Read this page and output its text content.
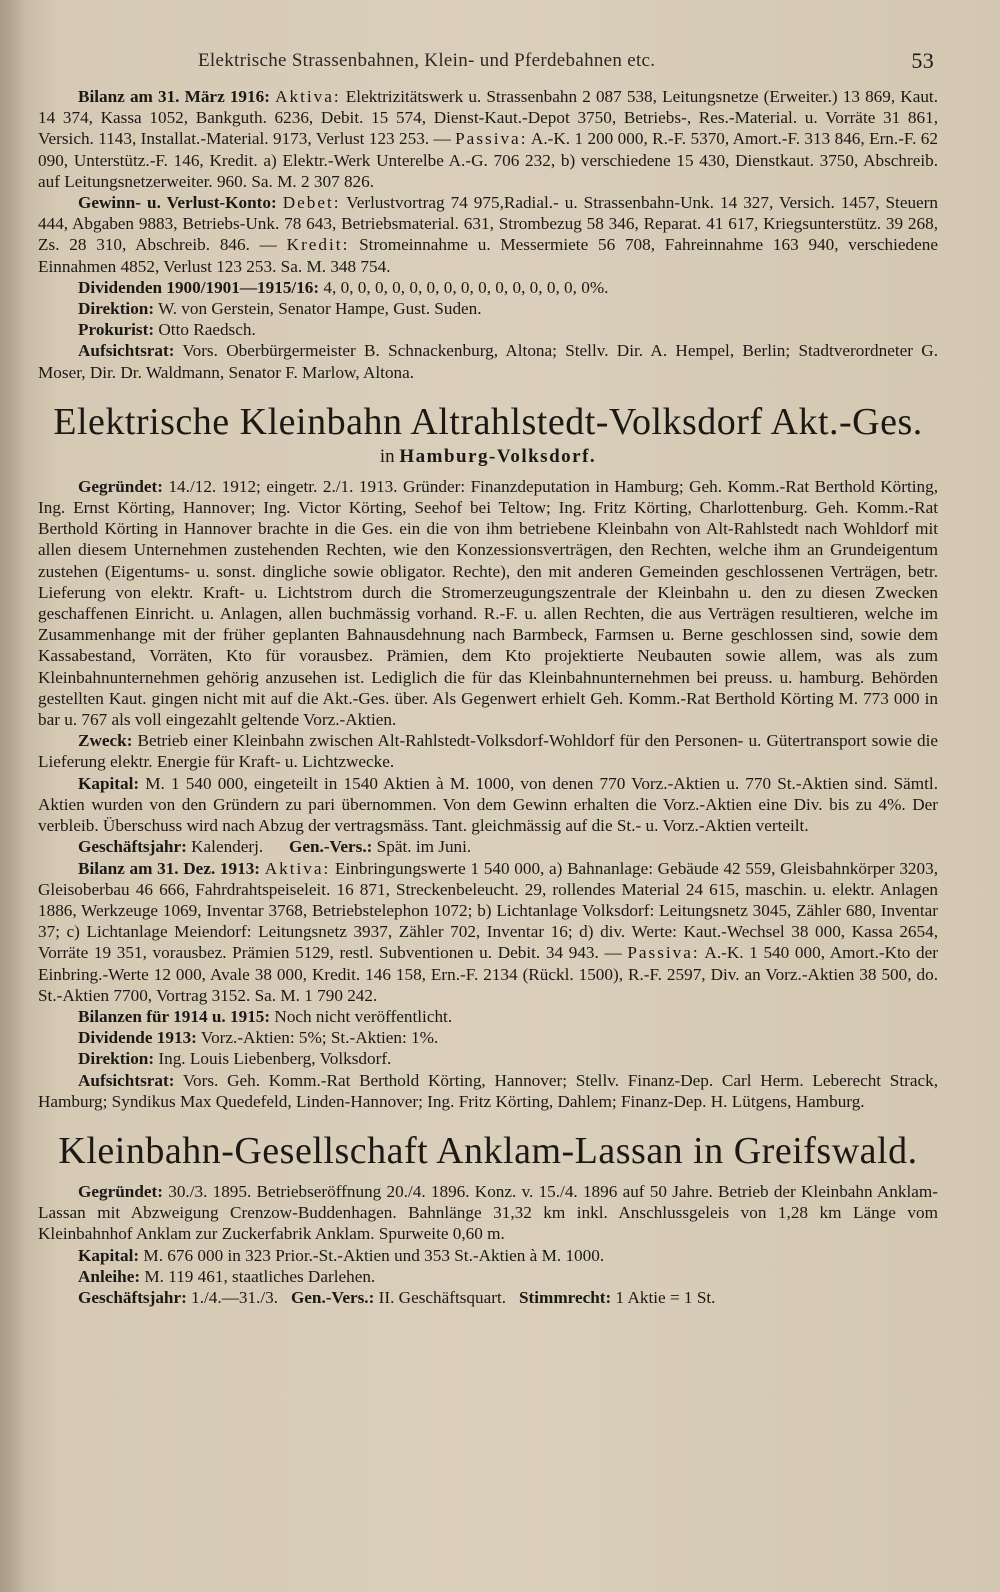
Elektrische Strassenbahnen, Klein- und Pferdebahnen etc.	53

Bilanz am 31. März 1916: Aktiva: Elektrizitätswerk u. Strassenbahn 2 087 538, Leitungsnetze (Erweiter.) 13 869, Kaut. 14 374, Kassa 1052, Bankguth. 6236, Debit. 15 574, Dienst-Kaut.-Depot 3750, Betriebs-, Res.-Material. u. Vorräte 31 861, Versich. 1143, Installat.-Material. 9173, Verlust 123 253. — Passiva: A.-K. 1 200 000, R.-F. 5370, Amort.-F. 313 846, Ern.-F. 62 090, Unterstütz.-F. 146, Kredit. a) Elektr.-Werk Unterelbe A.-G. 706 232, b) verschiedene 15 430, Dienstkaut. 3750, Abschreib. auf Leitungsnetzerweiter. 960. Sa. M. 2 307 826.

Gewinn- u. Verlust-Konto: Debet: Verlustvortrag 74 975,Radial.- u. Strassenbahn-Unk. 14 327, Versich. 1457, Steuern 444, Abgaben 9883, Betriebs-Unk. 78 643, Betriebsmaterial. 631, Strombezug 58 346, Reparat. 41 617, Kriegsunterstütz. 39 268, Zs. 28 310, Abschreib. 846. — Kredit: Stromeinnahme u. Messermiete 56 708, Fahreinnahme 163 940, verschiedene Einnahmen 4852, Verlust 123 253. Sa. M. 348 754.

Dividenden 1900/1901—1915/16: 4, 0, 0, 0, 0, 0, 0, 0, 0, 0, 0, 0, 0, 0, 0, 0%.

Direktion: W. von Gerstein, Senator Hampe, Gust. Suden.

Prokurist: Otto Raedsch.

Aufsichtsrat: Vors. Oberbürgermeister B. Schnackenburg, Altona; Stellv. Dir. A. Hempel, Berlin; Stadtverordneter G. Moser, Dir. Dr. Waldmann, Senator F. Marlow, Altona.

Elektrische Kleinbahn Altrahlstedt-Volksdorf Akt.-Ges.
in Hamburg-Volksdorf.

Gegründet: 14./12. 1912; eingetr. 2./1. 1913. Gründer: Finanzdeputation in Hamburg; Geh. Komm.-Rat Berthold Körting, Ing. Ernst Körting, Hannover; Ing. Victor Körting, Seehof bei Teltow; Ing. Fritz Körting, Charlottenburg. Geh. Komm.-Rat Berthold Körting in Hannover brachte in die Ges. ein die von ihm betriebene Kleinbahn von Alt-Rahlstedt nach Wohldorf mit allen diesem Unternehmen zustehenden Rechten, wie den Konzessionsverträgen, den Rechten, welche ihm an Grundeigentum zustehen (Eigentums- u. sonst. dingliche sowie obligator. Rechte), den mit anderen Gemeinden geschlossenen Verträgen, betr. Lieferung von elektr. Kraft- u. Lichtstrom durch die Stromerzeugungszentrale der Kleinbahn u. den zu diesen Zwecken geschaffenen Einricht. u. Anlagen, allen buchmässig vorhand. R.-F. u. allen Rechten, die aus Verträgen resultieren, welche im Zusammenhange mit der früher geplanten Bahnausdehnung nach Barmbeck, Farmsen u. Berne geschlossen sind, sowie dem Kassabestand, Vorräten, Kto für vorausbez. Prämien, dem Kto projektierte Neubauten sowie allem, was als zum Kleinbahnunternehmen gehörig anzusehen ist. Lediglich die für das Kleinbahnunternehmen bei preuss. u. hamburg. Behörden gestellten Kaut. gingen nicht mit auf die Akt.-Ges. über. Als Gegenwert erhielt Geh. Komm.-Rat Berthold Körting M. 773 000 in bar u. 767 als voll eingezahlt geltende Vorz.-Aktien.

Zweck: Betrieb einer Kleinbahn zwischen Alt-Rahlstedt-Volksdorf-Wohldorf für den Personen- u. Gütertransport sowie die Lieferung elektr. Energie für Kraft- u. Lichtzwecke.

Kapital: M. 1 540 000, eingeteilt in 1540 Aktien à M. 1000, von denen 770 Vorz.-Aktien u. 770 St.-Aktien sind. Sämtl. Aktien wurden von den Gründern zu pari übernommen. Von dem Gewinn erhalten die Vorz.-Aktien eine Div. bis zu 4%. Der verbleib. Überschuss wird nach Abzug der vertragsmäss. Tant. gleichmässig auf die St.- u. Vorz.-Aktien verteilt.

Geschäftsjahr: Kalenderj. Gen.-Vers.: Spät. im Juni.

Bilanz am 31. Dez. 1913: Aktiva: Einbringungswerte 1 540 000, a) Bahnanlage: Gebäude 42 559, Gleisbahnkörper 3203, Gleisoberbau 46 666, Fahrdrahtspeiseleit. 16 871, Streckenbeleucht. 29, rollendes Material 24 615, maschin. u. elektr. Anlagen 1886, Werkzeuge 1069, Inventar 3768, Betriebstelephon 1072; b) Lichtanlage Volksdorf: Leitungsnetz 3045, Zähler 680, Inventar 37; c) Lichtanlage Meiendorf: Leitungsnetz 3937, Zähler 702, Inventar 16; d) div. Werte: Kaut.-Wechsel 38 000, Kassa 2654, Vorräte 19 351, vorausbez. Prämien 5129, restl. Subventionen u. Debit. 34 943. — Passiva: A.-K. 1 540 000, Amort.-Kto der Einbring.-Werte 12 000, Avale 38 000, Kredit. 146 158, Ern.-F. 2134 (Rückl. 1500), R.-F. 2597, Div. an Vorz.-Aktien 38 500, do. St.-Aktien 7700, Vortrag 3152. Sa. M. 1 790 242.

Bilanzen für 1914 u. 1915: Noch nicht veröffentlicht.

Dividende 1913: Vorz.-Aktien: 5%; St.-Aktien: 1%.

Direktion: Ing. Louis Liebenberg, Volksdorf.

Aufsichtsrat: Vors. Geh. Komm.-Rat Berthold Körting, Hannover; Stellv. Finanz-Dep. Carl Herm. Leberecht Strack, Hamburg; Syndikus Max Quedefeld, Linden-Hannover; Ing. Fritz Körting, Dahlem; Finanz-Dep. H. Lütgens, Hamburg.

Kleinbahn-Gesellschaft Anklam-Lassan in Greifswald.

Gegründet: 30./3. 1895. Betriebseröffnung 20./4. 1896. Konz. v. 15./4. 1896 auf 50 Jahre. Betrieb der Kleinbahn Anklam-Lassan mit Abzweigung Crenzow-Buddenhagen. Bahnlänge 31,32 km inkl. Anschlussgeleis von 1,28 km Länge vom Kleinbahnhof Anklam zur Zuckerfabrik Anklam. Spurweite 0,60 m.

Kapital: M. 676 000 in 323 Prior.-St.-Aktien und 353 St.-Aktien à M. 1000.

Anleihe: M. 119 461, staatliches Darlehen.

Geschäftsjahr: 1./4.—31./3. Gen.-Vers.: II. Geschäftsquart. Stimmrecht: 1 Aktie = 1 St.
